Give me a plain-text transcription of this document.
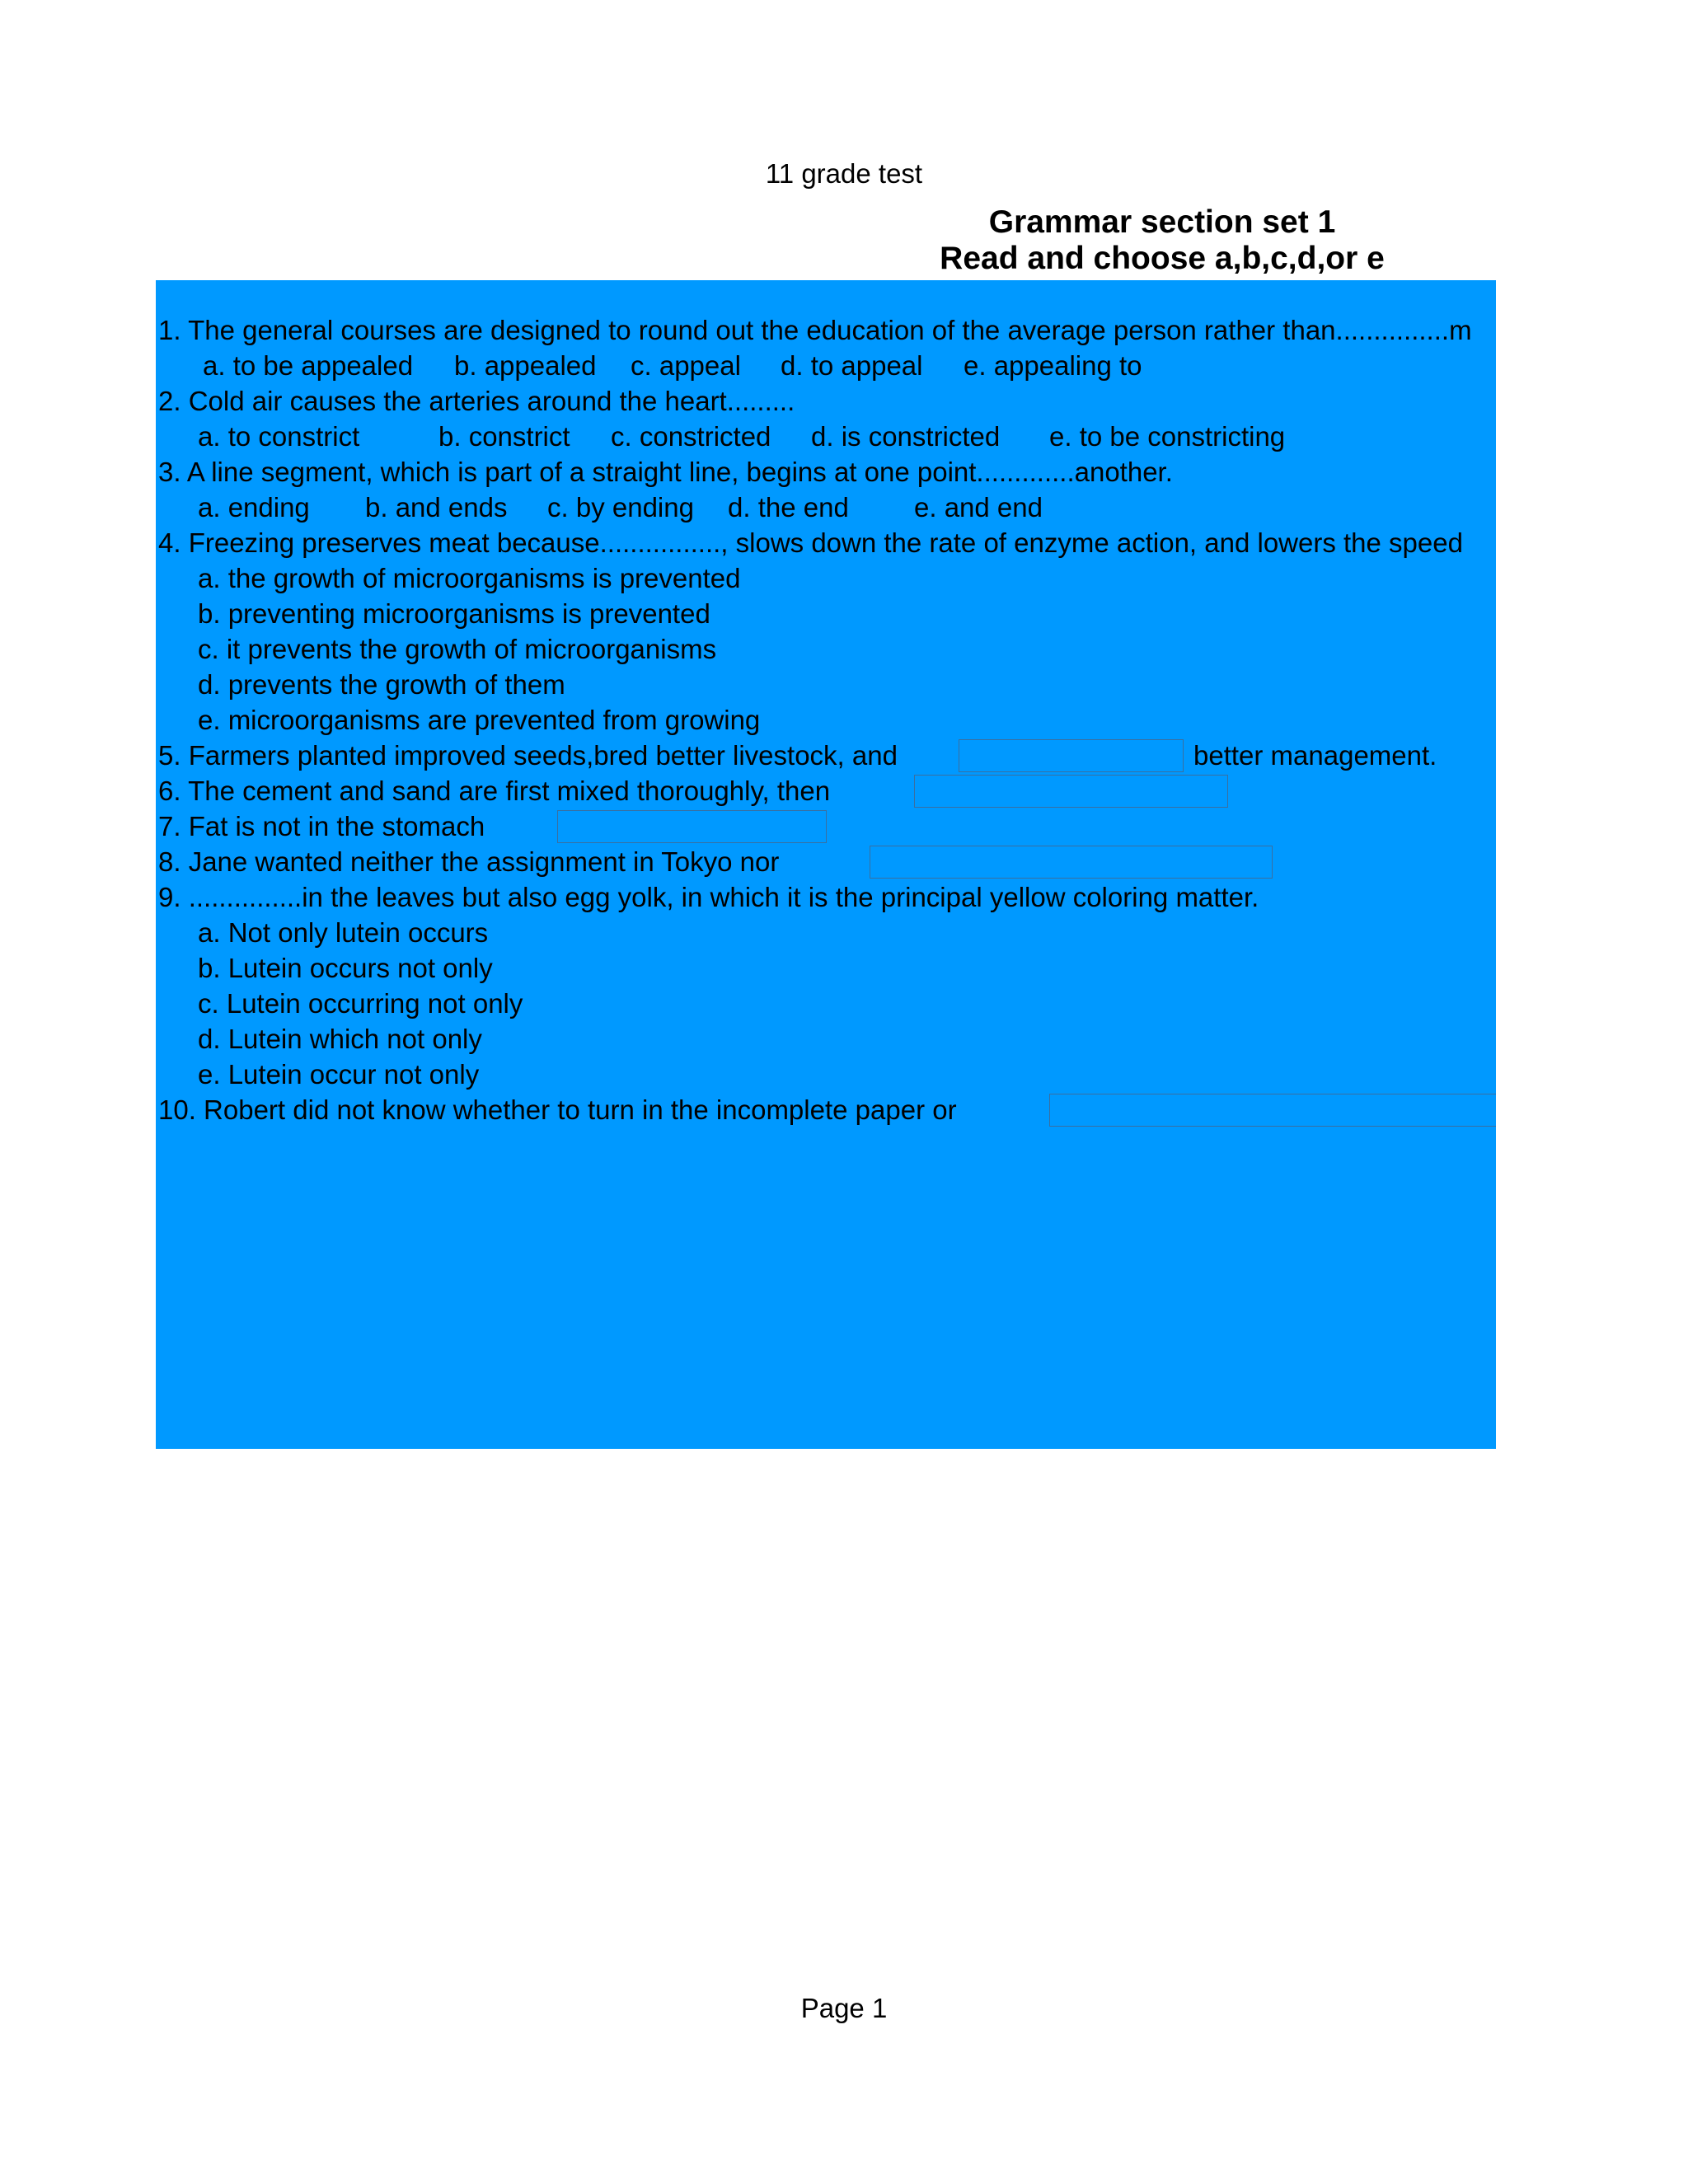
11 grade test
Grammar section set 1
Read and choose a,b,c,d,or e
1. The general courses are designed to round out the education of the average person rather than...............m
a. to be appealed b. appealed c. appeal d. to appeal e. appealing to
2. Cold air causes the arteries around the heart.........
a. to constrict	b. constrict c. constricted d. is constricted e. to be constricting
3. A line segment, which is part of a straight line, begins at one point.............another.
a. ending b. and ends c. by ending d. the end e. and end
4. Freezing preserves meat because................, slows down the rate of enzyme action, and lowers the speed
a. the growth of microorganisms is prevented
b. preventing microorganisms is prevented
c. it prevents the growth of microorganisms
d. prevents the growth of them
e. microorganisms are prevented from growing
5. Farmers planted improved seeds,bred better livestock, and	better management.
6. The cement and sand are first mixed thoroughly, then
7. Fat is not in the stomach
8. Jane wanted neither the assignment in Tokyo nor
9. ...............in the leaves but also egg yolk, in which it is the principal yellow coloring matter.
a. Not only lutein occurs
b. Lutein occurs not only
c. Lutein occurring not only
d. Lutein which not only
e. Lutein occur not only
10. Robert did not know whether to turn in the incomplete paper or
Page 1
